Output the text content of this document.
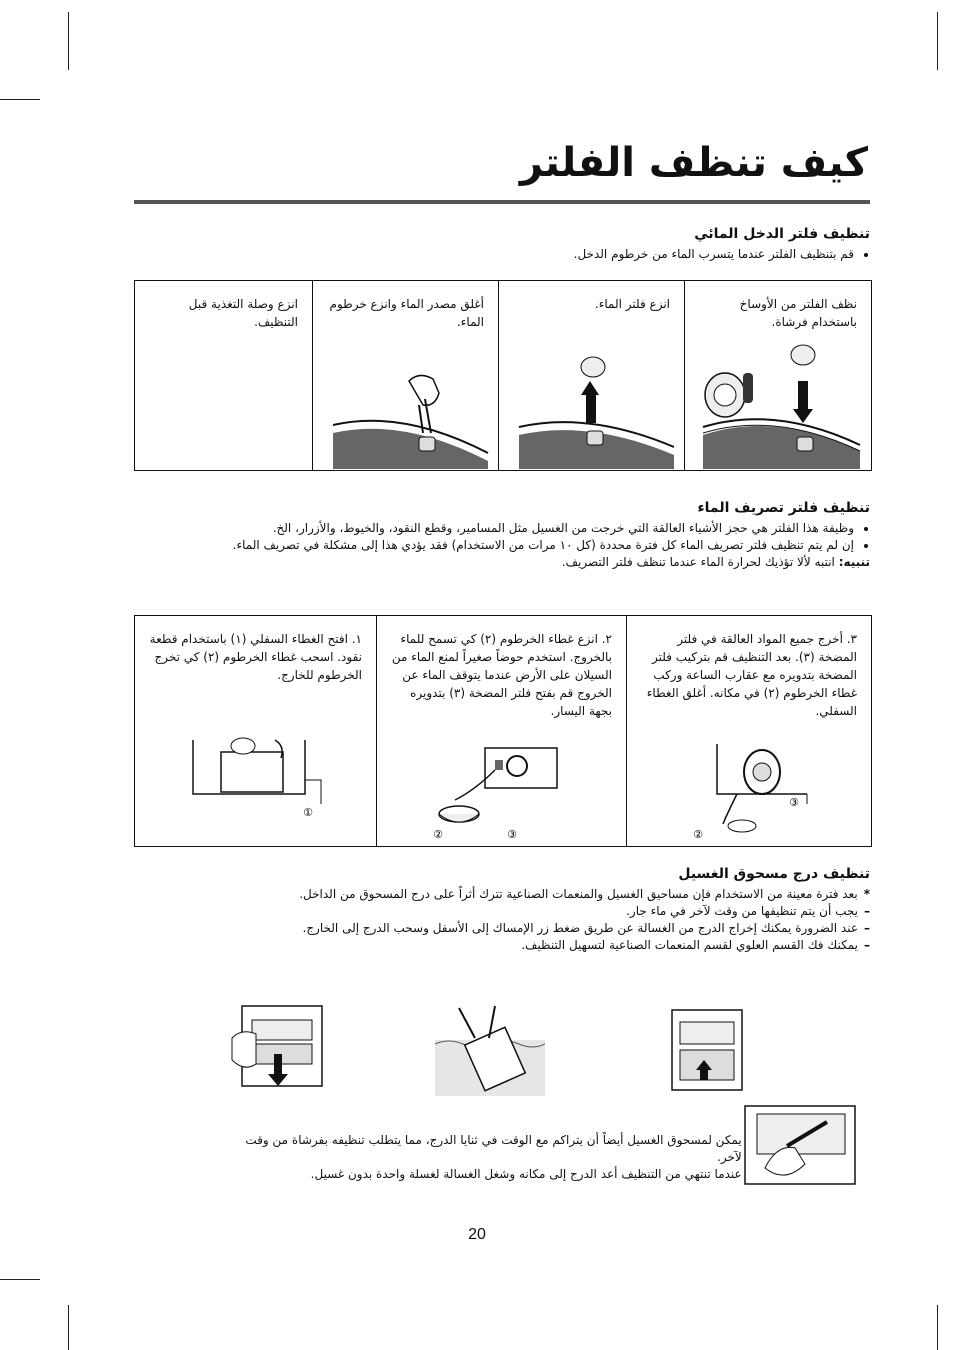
كيف تنظف الفلتر
تنظيف فلتر الدخل المائي
• قم بتنظيف الفلتر عندما يتسرب الماء من خرطوم الدخل.
نظف الفلتر من الأوساخ باستخدام فرشاة.
انزع فلتر الماء.
أغلق مصدر الماء وانزع خرطوم الماء.
انزع وصلة التغذية قبل التنظيف.
تنظيف فلتر تصريف الماء
• وظيفة هذا الفلتر هي حجز الأشياء العالقة التي خرجت من الغسيل مثل المسامير، وقطع النقود، والخيوط، والأزرار، الخ.
• إن لم يتم تنظيف فلتر تصريف الماء كل فترة محددة (كل ١٠ مرات من الاستخدام) فقد يؤدي هذا إلى مشكلة في تصريف الماء.

تنبيه: انتبه لألا تؤذيك لحرارة الماء عندما تنظف فلتر التصريف.

٣. أخرج جميع المواد العالقة في فلتر المضخة (٣). بعد التنظيف قم بتركيب فلتر المضخة بتدويره مع عقارب الساعة وركب غطاء الخرطوم (٢) في مكانه. أغلق الغطاء السفلي.
③
②
٢. انزع غطاء الخرطوم (٢) كي تسمح للماء بالخروج. استخدم حوضاً صغيراً لمنع الماء من السيلان على الأرض عندما يتوقف الماء عن الخروج قم بفتح فلتر المضخة (٣) بتدويره بجهة اليسار.
②	③
١. افتح الغطاء السفلي (١) باستخدام قطعة نقود. اسحب غطاء الخرطوم (٢) كي تخرج الخرطوم للخارج.
①
تنظيف درج مسحوق الغسيل
*
بعد فترة معينة من الاستخدام فإن مساحيق الغسيل والمنعمات الصناعية تترك أثراً على درج المسحوق من الداخل.
–
يجب أن يتم تنظيفها من وقت لآخر في ماء جار.
–
عند الضرورة يمكنك إخراج الدرج من الغسالة عن طريق ضغط زر الإمساك إلى الأسفل وسحب الدرج إلى الخارج.
–
يمكنك فك القسم العلوي لقسم المنعمات الصناعية لتسهيل التنظيف.
يمكن لمسحوق الغسيل أيضاً أن يتراكم مع الوقت في ثنايا الدرج، مما يتطلب تنظيفه بفرشاة من وقت لآخر.
عندما تنتهي من التنظيف أعد الدرج إلى مكانه وشغل الغسالة لغسلة واحدة بدون غسيل.
20
